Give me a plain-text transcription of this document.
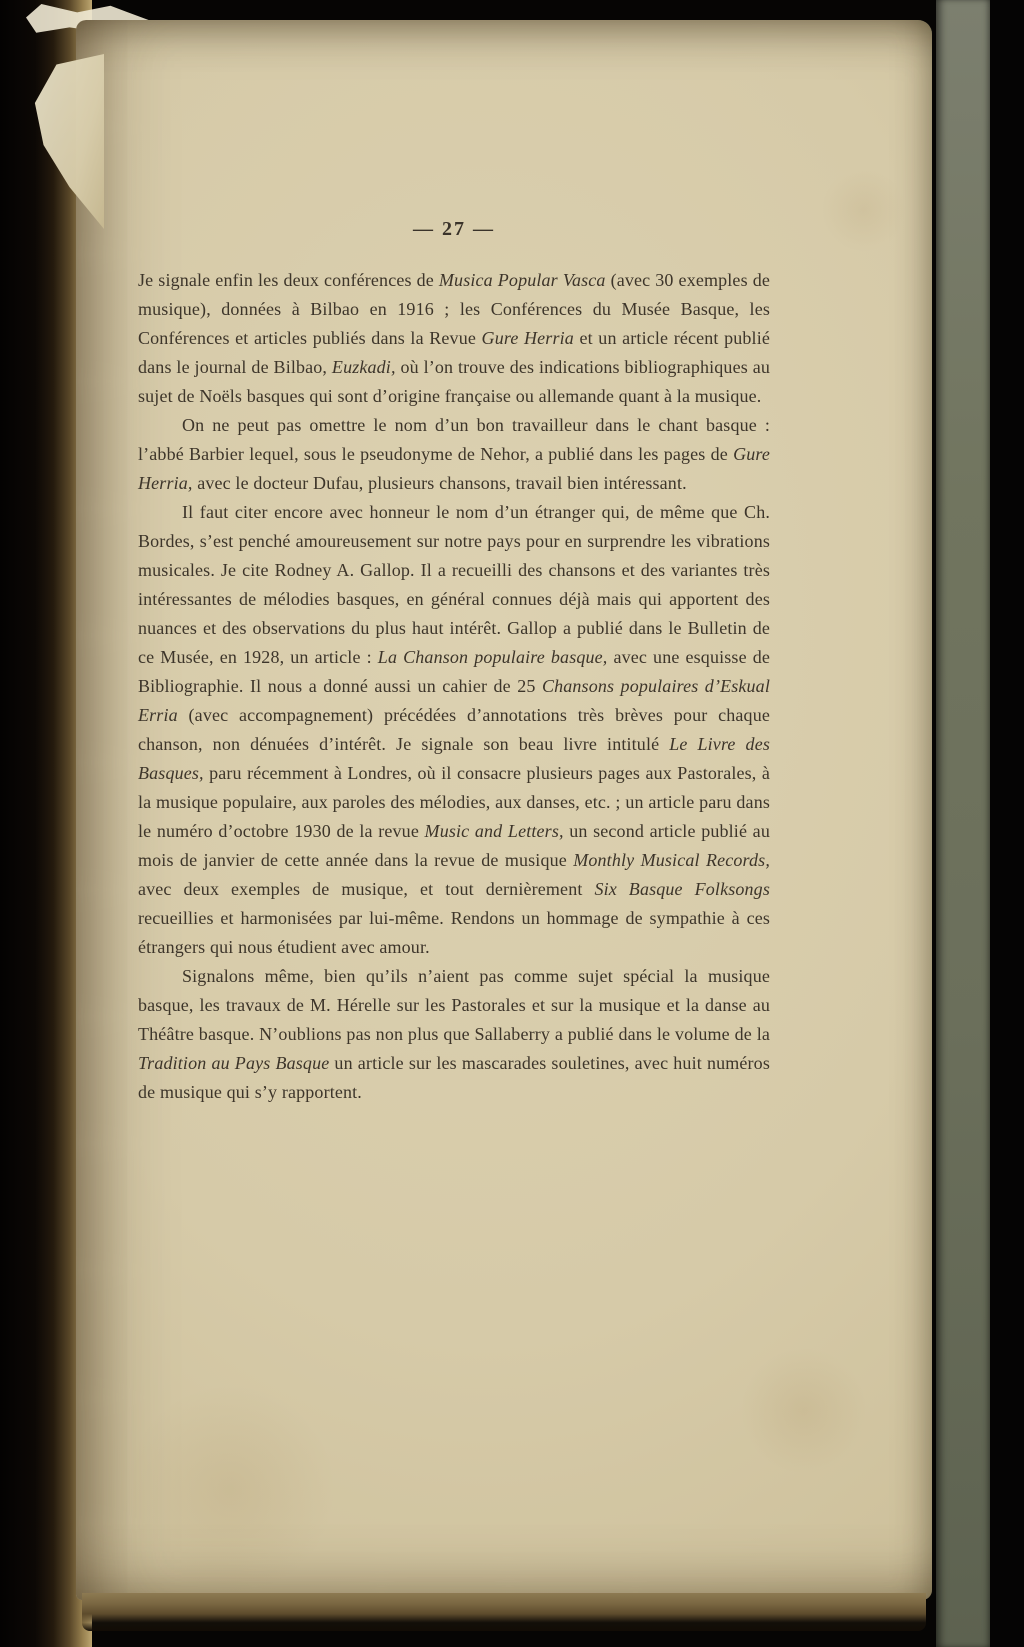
— 27 —

Je signale enfin les deux conférences de Musica Popular Vasca (avec 30 exemples de musique), données à Bilbao en 1916 ; les Conférences du Musée Basque, les Conférences et articles publiés dans la Revue Gure Herria et un article récent publié dans le journal de Bilbao, Euzkadi, où l’on trouve des indications bibliographiques au sujet de Noëls basques qui sont d’origine française ou allemande quant à la musique.

On ne peut pas omettre le nom d’un bon travailleur dans le chant basque : l’abbé Barbier lequel, sous le pseudonyme de Nehor, a publié dans les pages de Gure Herria, avec le docteur Dufau, plusieurs chansons, travail bien intéressant.

Il faut citer encore avec honneur le nom d’un étranger qui, de même que Ch. Bordes, s’est penché amoureusement sur notre pays pour en surprendre les vibrations musicales. Je cite Rodney A. Gallop. Il a recueilli des chansons et des variantes très intéressantes de mélodies basques, en général connues déjà mais qui apportent des nuances et des observations du plus haut intérêt. Gallop a publié dans le Bulletin de ce Musée, en 1928, un article : La Chanson populaire basque, avec une esquisse de Bibliographie. Il nous a donné aussi un cahier de 25 Chansons populaires d’Eskual Erria (avec accompagnement) précédées d’annotations très brèves pour chaque chanson, non dénuées d’intérêt. Je signale son beau livre intitulé Le Livre des Basques, paru récemment à Londres, où il consacre plusieurs pages aux Pastorales, à la musique populaire, aux paroles des mélodies, aux danses, etc. ; un article paru dans le numéro d’octobre 1930 de la revue Music and Letters, un second article publié au mois de janvier de cette année dans la revue de musique Monthly Musical Records, avec deux exemples de musique, et tout dernièrement Six Basque Folksongs recueillies et harmonisées par lui-même. Rendons un hommage de sympathie à ces étrangers qui nous étudient avec amour.

Signalons même, bien qu’ils n’aient pas comme sujet spécial la musique basque, les travaux de M. Hérelle sur les Pastorales et sur la musique et la danse au Théâtre basque. N’oublions pas non plus que Sallaberry a publié dans le volume de la Tradition au Pays Basque un article sur les mascarades souletines, avec huit numéros de musique qui s’y rapportent.
